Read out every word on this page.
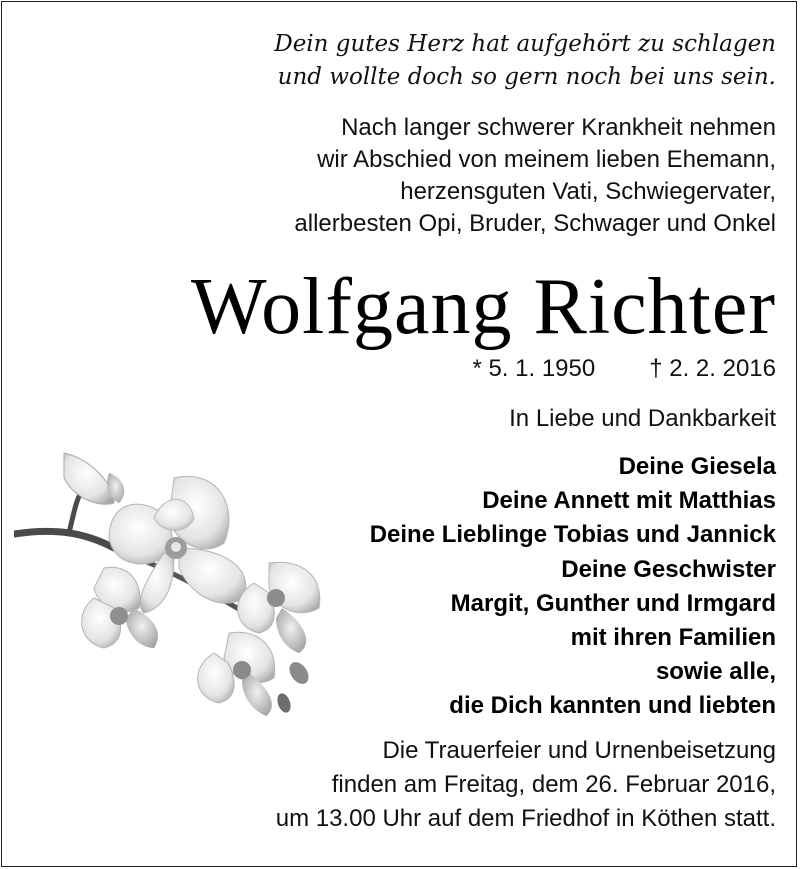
Dein gutes Herz hat aufgehört zu schlagen
und wollte doch so gern noch bei uns sein.
Nach langer schwerer Krankheit nehmen
wir Abschied von meinem lieben Ehemann,
herzensguten Vati, Schwiegervater,
allerbesten Opi, Bruder, Schwager und Onkel
Wolfgang Richter
* 5. 1. 1950 † 2. 2. 2016
In Liebe und Dankbarkeit
Deine Giesela
Deine Annett mit Matthias
Deine Lieblinge Tobias und Jannick
Deine Geschwister
Margit, Gunther und Irmgard
mit ihren Familien
sowie alle,
die Dich kannten und liebten
Die Trauerfeier und Urnenbeisetzung
finden am Freitag, dem 26. Februar 2016,
um 13.00 Uhr auf dem Friedhof in Köthen statt.
